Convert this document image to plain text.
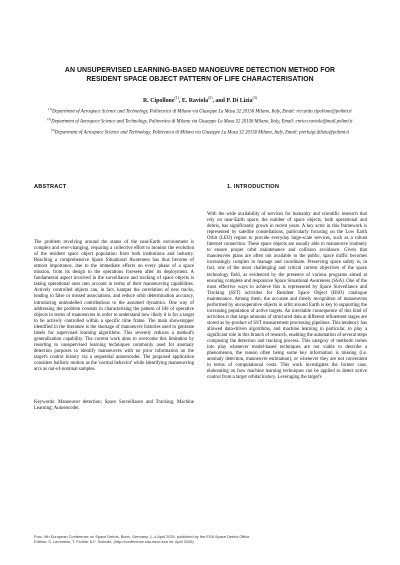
AN UNSUPERVISED LEARNING-BASED MANOEUVRE DETECTION METHOD FOR
RESIDENT SPACE OBJECT PATTERN OF LIFE CHARACTERISATION
R. Cipollone$^{(1)}$, E. Raviola$^{(2)}$, and P. Di Lizia$^{(3)}$

$^{(1)}$Department of Aerospace Science and Technology, Politecnico di Milano via Giuseppe La Masa 32 20156 Milano, Italy, Email: riccardo.cipollone@polimi.it

$^{(2)}$Department of Aerospace Science and Technology, Politecnico di Milano via Giuseppe La Masa 32 20156 Milano, Italy, Email: enrico.raviola@mail.polimi.it

$^{(3)}$Department of Aerospace Science and Technology, Politecnico di Milano via Giuseppe La Masa 32 20156 Milano, Italy, Email: pierluigi.dilizia@polimi.it

ABSTRACT

The problem revolving around the status of the near-Earth environment is complex and ever-changing, requiring a collective effort to monitor the evolution of the resident space object population from both institutions and industry. Reaching a comprehensive Space Situational Awareness has thus become of utmost importance, due to the immediate effects on every phase of a space mission, from its design to the operations foreseen after its deployment. A fundamental aspect involved in the surveillance and tracking of space objects is taking operational ones into account in terms of their manoeuvring capabilities. Actively controlled objects can, in fact, hamper the correlation of new tracks, leading to false or missed associations, and reduce orbit determination accuracy, introducing unmodelled contributions to the assumed dynamics. One way of addressing the problem consists in characterising the pattern of life of operative objects in terms of manoeuvres in order to understand how likely it is for a target to be actively controlled within a specific time frame. The main showstopper identified in the literature is the shortage of manoeuvre histories used to generate labels for supervised learning algorithms. This severely reduces a method's generalization capability. The current work aims to overcome this limitation by resorting to unsupervised learning techniques commonly used for anomaly detection purposes to identify manoeuvres with no prior information on the target's control history via a sequential autoencoder. The proposed application considers ballistic motion as the 'normal behavior' while identifying manoeuvring arcs as out-of-nominal samples.

Keywords: Manoeuver detection; Space Surveillance and Tracking; Machine Learning; Autoencoder.

1. INTRODUCTION

With the wide availability of services for humanity and scientific research that rely on near-Earth space, the number of space objects, both operational and debris, has significantly grown in recent years. A key actor in this framework is represented by satellite constellations, particularly focusing on the Low Earth Orbit (LEO) region to provide everyday large-scale services, such as a robust Internet connection. These space objects are usually able to manoeuvre routinely to ensure proper orbit maintenance and collision avoidance. Given that manoeuvres plans are often not available to the public, space traffic becomes increasingly complex to manage and coordinate. Preserving space safety is, in fact, one of the most challenging and critical current objectives of the space technology field, as evidenced by the presence of various programs aimed at ensuring complete and responsive Space Situational Awareness (SSA). One of the most effective ways to achieve this is represented by Space Surveillance and Tracking (SST) activities for Resident Space Object (RSO) catalogue maintenance. Among them, the accurate and timely recognition of manoeuvres performed by uncooperative objects in orbit around Earth is key to supporting the increasing population of active targets. An inevitable consequence of this kind of activities is that large amounts of structured data at different refinement stages are stored as by-product of SST measurement processing pipelines. This tendency has allowed data-driven algorithms, and machine learning in particular, to play a significant role in this branch of research, enabling the automation of several steps composing the detection and tracking process. This category of methods comes into play whenever model-based techniques are not viable to describe a phenomenon, the reason often being some key information is missing (i.e. anomaly detection, manoeuvre estimation), or whenever they are not convenient in terms of computational costs. This work investigates the former case, elaborating on how machine learning techniques can be applied to detect active control from a target orbital history. Leveraging the target's

Proc. 9th European Conference on Space Debris, Bonn, Germany, 1–4 April 2025, published by the ESA Space Debris Office
Editors: S. Lemmens, T. Flohrer & F. Schmitz, (http://conference.sdo.esoc.esa.int, April 2025)
